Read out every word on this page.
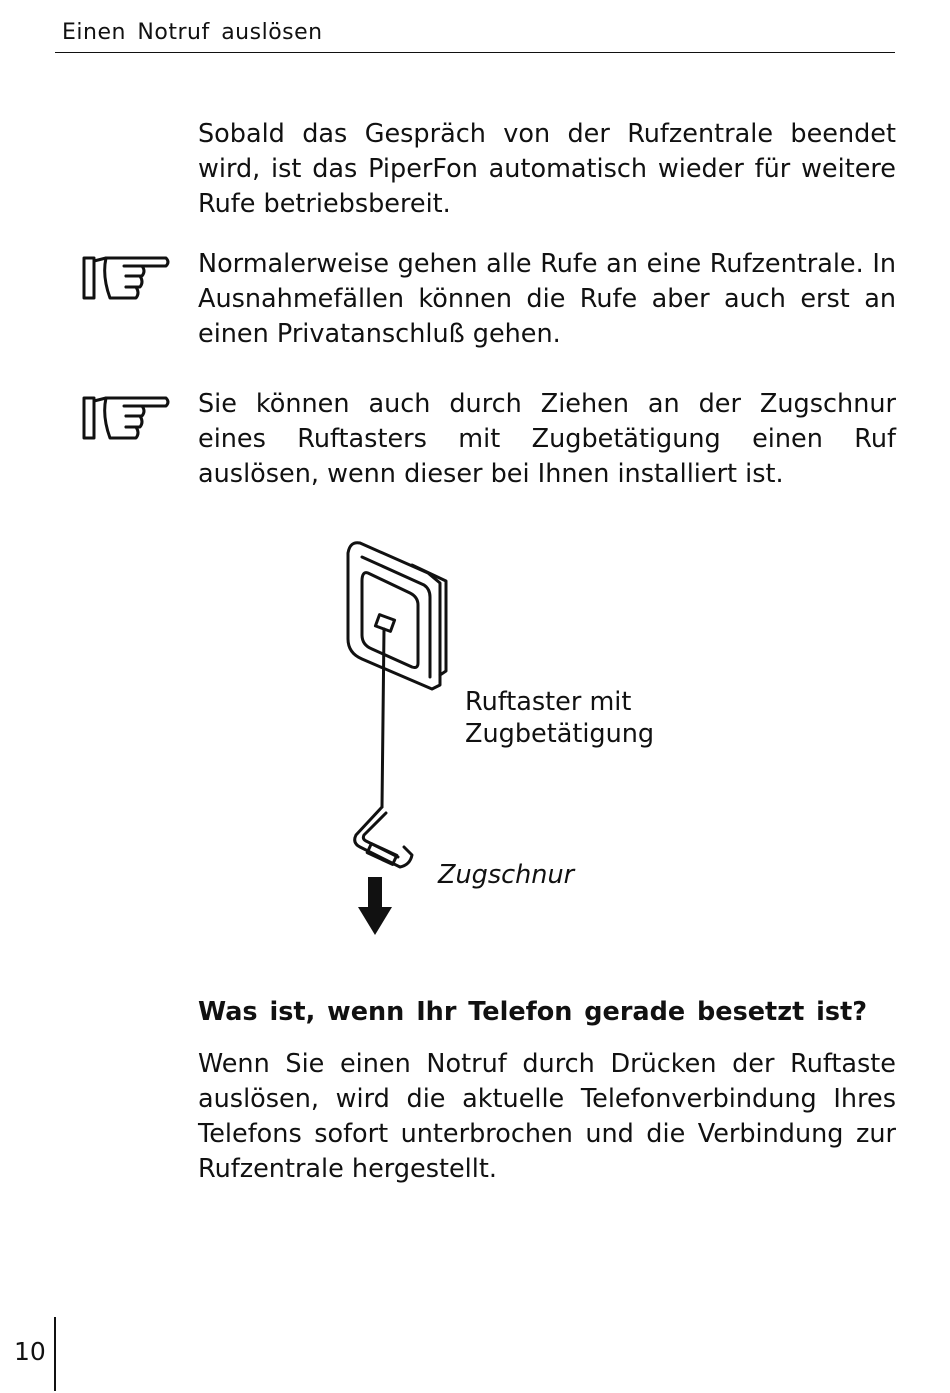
Einen Notruf auslösen

Sobald das Gespräch von der Rufzentrale beendet wird, ist das PiperFon automatisch wieder für weitere Rufe betriebsbereit.

Normalerweise gehen alle Rufe an eine Rufzentrale. In Ausnahmefällen können die Rufe aber auch erst an einen Privatanschluß gehen.

Sie können auch durch Ziehen an der Zugschnur eines Ruftasters mit Zugbetätigung einen Ruf auslösen, wenn dieser bei Ihnen installiert ist.

Ruftaster mit
Zugbetätigung
Zugschnur
Was ist, wenn Ihr Telefon gerade besetzt ist?

Wenn Sie einen Notruf durch Drücken der Ruftaste auslösen, wird die aktuelle Telefonverbindung Ihres Telefons sofort unterbrochen und die Verbindung zur Rufzentrale hergestellt.

10
